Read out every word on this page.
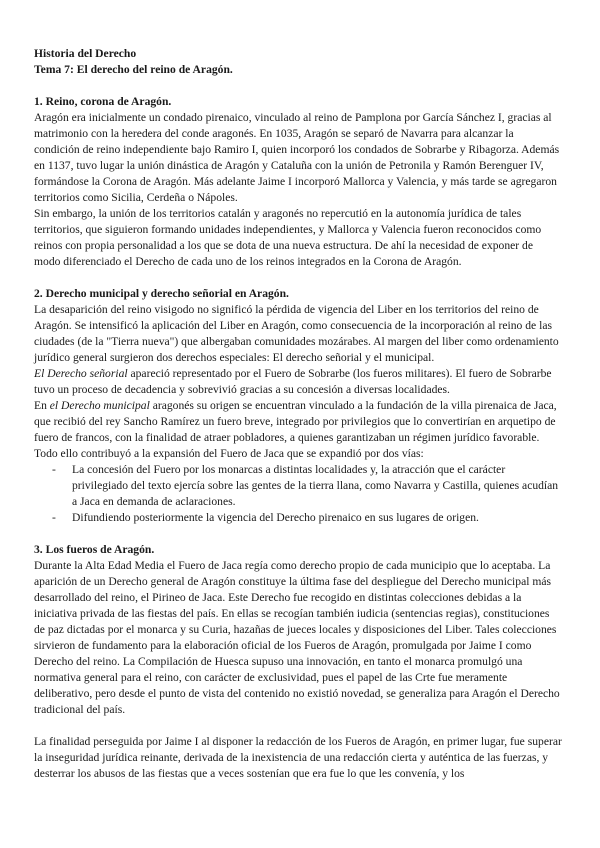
Historia del Derecho

Tema 7: El derecho del reino de Aragón.

1. Reino, corona de Aragón.

Aragón era inicialmente un condado pirenaico, vinculado al reino de Pamplona por García Sánchez I, gracias al matrimonio con la heredera del conde aragonés. En 1035, Aragón se separó de Navarra para alcanzar la condición de reino independiente bajo Ramiro I, quien incorporó los condados de Sobrarbe y Ribagorza. Además en 1137, tuvo lugar la unión dinástica de Aragón y Cataluña con la unión de Petronila y Ramón Berenguer IV, formándose la Corona de Aragón. Más adelante Jaime I incorporó Mallorca y Valencia, y más tarde se agregaron territorios como Sicilia, Cerdeña o Nápoles.

Sin embargo, la unión de los territorios catalán y aragonés no repercutió en la autonomía jurídica de tales territorios, que siguieron formando unidades independientes, y Mallorca y Valencia fueron reconocidos como reinos con propia personalidad a los que se dota de una nueva estructura. De ahí la necesidad de exponer de modo diferenciado el Derecho de cada uno de los reinos integrados en la Corona de Aragón.

2. Derecho municipal y derecho señorial en Aragón.

La desaparición del reino visigodo no significó la pérdida de vigencia del Liber en los territorios del reino de Aragón. Se intensificó la aplicación del Liber en Aragón, como consecuencia de la incorporación al reino de las ciudades (de la "Tierra nueva") que albergaban comunidades mozárabes. Al margen del liber como ordenamiento jurídico general surgieron dos derechos especiales: El derecho señorial y el municipal.

El Derecho señorial apareció representado por el Fuero de Sobrarbe (los fueros militares). El fuero de Sobrarbe tuvo un proceso de decadencia y sobrevivió gracias a su concesión a diversas localidades.

En el Derecho municipal aragonés su origen se encuentran vinculado a la fundación de la villa pirenaica de Jaca, que recibió del rey Sancho Ramírez un fuero breve, integrado por privilegios que lo convertirían en arquetipo de fuero de francos, con la finalidad de atraer pobladores, a quienes garantizaban un régimen jurídico favorable. Todo ello contribuyó a la expansión del Fuero de Jaca que se expandió por dos vías:

- La concesión del Fuero por los monarcas a distintas localidades y, la atracción que el carácter privilegiado del texto ejercía sobre las gentes de la tierra llana, como Navarra y Castilla, quienes acudían a Jaca en demanda de aclaraciones.
- Difundiendo posteriormente la vigencia del Derecho pirenaico en sus lugares de origen.

3. Los fueros de Aragón.

Durante la Alta Edad Media el Fuero de Jaca regía como derecho propio de cada municipio que lo aceptaba. La aparición de un Derecho general de Aragón constituye la última fase del despliegue del Derecho municipal más desarrollado del reino, el Pirineo de Jaca. Este Derecho fue recogido en distintas colecciones debidas a la iniciativa privada de las fiestas del país. En ellas se recogían también iudicia (sentencias regias), constituciones de paz dictadas por el monarca y su Curia, hazañas de jueces locales y disposiciones del Liber. Tales colecciones sirvieron de fundamento para la elaboración oficial de los Fueros de Aragón, promulgada por Jaime I como Derecho del reino. La Compilación de Huesca supuso una innovación, en tanto el monarca promulgó una normativa general para el reino, con carácter de exclusividad, pues el papel de las Crte fue meramente deliberativo, pero desde el punto de vista del contenido no existió novedad, se generaliza para Aragón el Derecho tradicional del país.

La finalidad perseguida por Jaime I al disponer la redacción de los Fueros de Aragón, en primer lugar, fue superar la inseguridad jurídica reinante, derivada de la inexistencia de una redacción cierta y auténtica de las fuerzas, y desterrar los abusos de las fiestas que a veces sostenían que era fue lo que les convenía, y los
